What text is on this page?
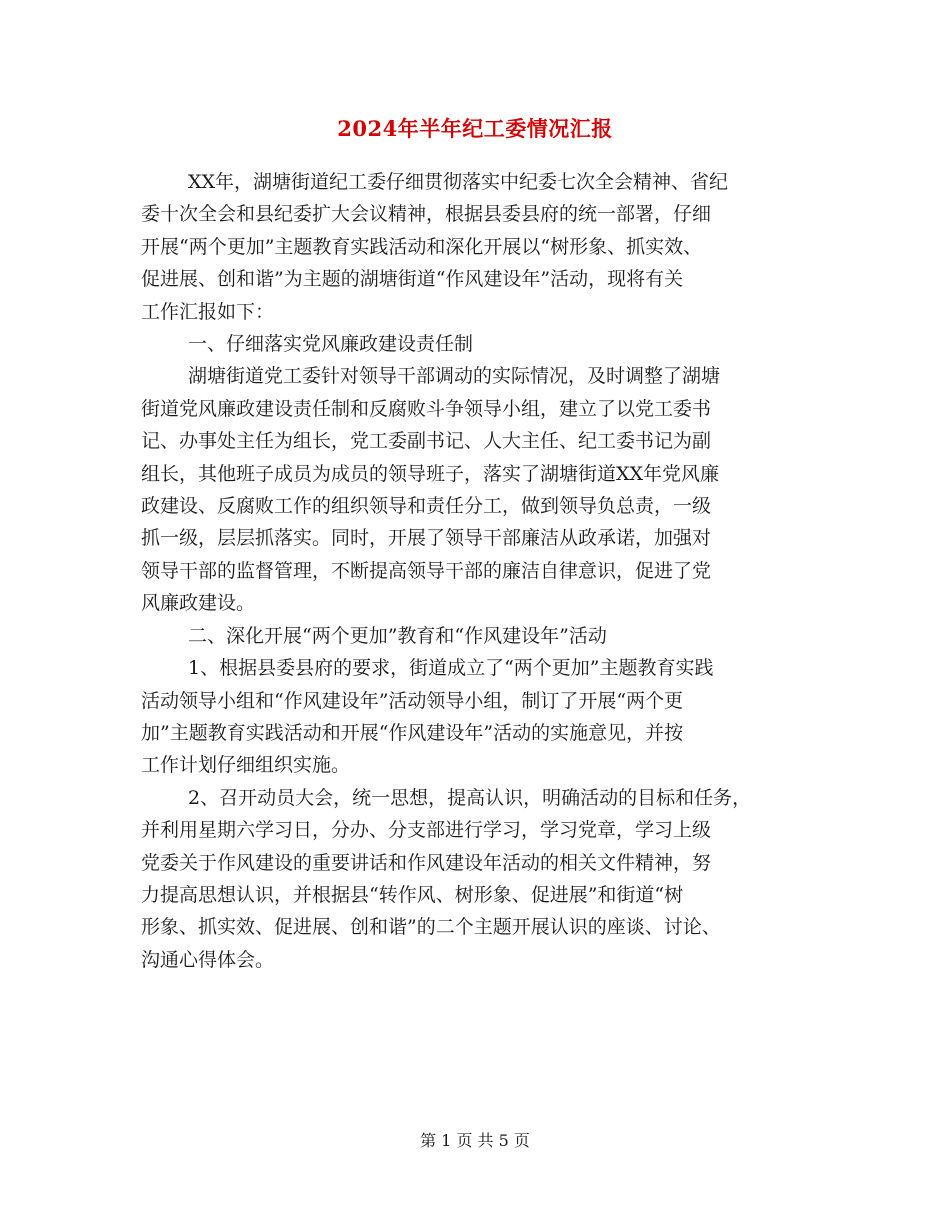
2024年半年纪工委情况汇报

XX年，湖塘街道纪工委仔细贯彻落实中纪委七次全会精神、省纪
委十次全会和县纪委扩大会议精神，根据县委县府的统一部署，仔细
开展“两个更加”主题教育实践活动和深化开展以“树形象、抓实效、
促进展、创和谐”为主题的湖塘街道“作风建设年”活动，现将有关
工作汇报如下：

一、仔细落实党风廉政建设责任制

湖塘街道党工委针对领导干部调动的实际情况，及时调整了湖塘
街道党风廉政建设责任制和反腐败斗争领导小组，建立了以党工委书
记、办事处主任为组长，党工委副书记、人大主任、纪工委书记为副
组长，其他班子成员为成员的领导班子，落实了湖塘街道XX年党风廉
政建设、反腐败工作的组织领导和责任分工，做到领导负总责，一级
抓一级，层层抓落实。同时，开展了领导干部廉洁从政承诺，加强对
领导干部的监督管理，不断提高领导干部的廉洁自律意识，促进了党
风廉政建设。

二、深化开展“两个更加”教育和“作风建设年”活动

1、根据县委县府的要求，街道成立了“两个更加”主题教育实践
活动领导小组和“作风建设年”活动领导小组，制订了开展“两个更
加”主题教育实践活动和开展“作风建设年”活动的实施意见，并按
工作计划仔细组织实施。

2、召开动员大会，统一思想，提高认识，明确活动的目标和任务，
并利用星期六学习日，分办、分支部进行学习，学习党章，学习上级
党委关于作风建设的重要讲话和作风建设年活动的相关文件精神，努
力提高思想认识，并根据县“转作风、树形象、促进展”和街道“树
形象、抓实效、促进展、创和谐”的二个主题开展认识的座谈、讨论、
沟通心得体会。

第 1 页 共 5 页
